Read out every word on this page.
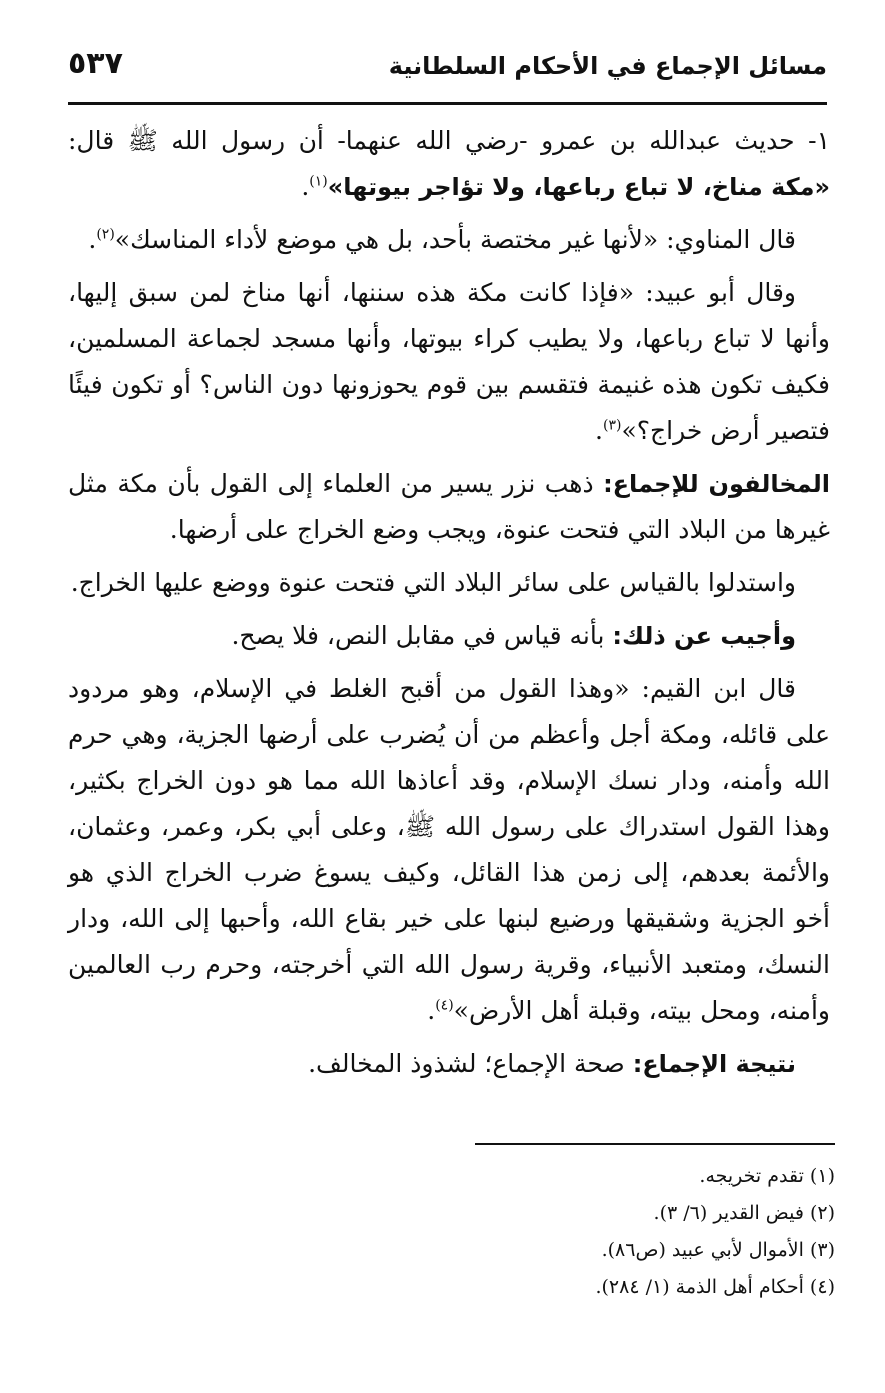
مسائل الإجماع في الأحكام السلطانية
٥٣٧

١- حديث عبدالله بن عمرو -رضي الله عنهما- أن رسول الله ﷺ قال: «مكة مناخ، لا تباع رباعها، ولا تؤاجر بيوتها»$^{(١)}$.

قال المناوي: «لأنها غير مختصة بأحد، بل هي موضع لأداء المناسك»$^{(٢)}$.

وقال أبو عبيد: «فإذا كانت مكة هذه سننها، أنها مناخ لمن سبق إليها، وأنها لا تباع رباعها، ولا يطيب كراء بيوتها، وأنها مسجد لجماعة المسلمين، فكيف تكون هذه غنيمة فتقسم بين قوم يحوزونها دون الناس؟ أو تكون فيئًا فتصير أرض خراج؟»$^{(٣)}$.

المخالفون للإجماع: ذهب نزر يسير من العلماء إلى القول بأن مكة مثل غيرها من البلاد التي فتحت عنوة، ويجب وضع الخراج على أرضها.

واستدلوا بالقياس على سائر البلاد التي فتحت عنوة ووضع عليها الخراج.

وأجيب عن ذلك: بأنه قياس في مقابل النص، فلا يصح.

قال ابن القيم: «وهذا القول من أقبح الغلط في الإسلام، وهو مردود على قائله، ومكة أجل وأعظم من أن يُضرب على أرضها الجزية، وهي حرم الله وأمنه، ودار نسك الإسلام، وقد أعاذها الله مما هو دون الخراج بكثير، وهذا القول استدراك على رسول الله ﷺ، وعلى أبي بكر، وعمر، وعثمان، والأئمة بعدهم، إلى زمن هذا القائل، وكيف يسوغ ضرب الخراج الذي هو أخو الجزية وشقيقها ورضيع لبنها على خير بقاع الله، وأحبها إلى الله، ودار النسك، ومتعبد الأنبياء، وقرية رسول الله التي أخرجته، وحرم رب العالمين وأمنه، ومحل بيته، وقبلة أهل الأرض»$^{(٤)}$.

نتيجة الإجماع: صحة الإجماع؛ لشذوذ المخالف.

(١) تقدم تخريجه.
(٢) فيض القدير (٦/ ٣).
(٣) الأموال لأبي عبيد (ص٨٦).
(٤) أحكام أهل الذمة (١/ ٢٨٤).
